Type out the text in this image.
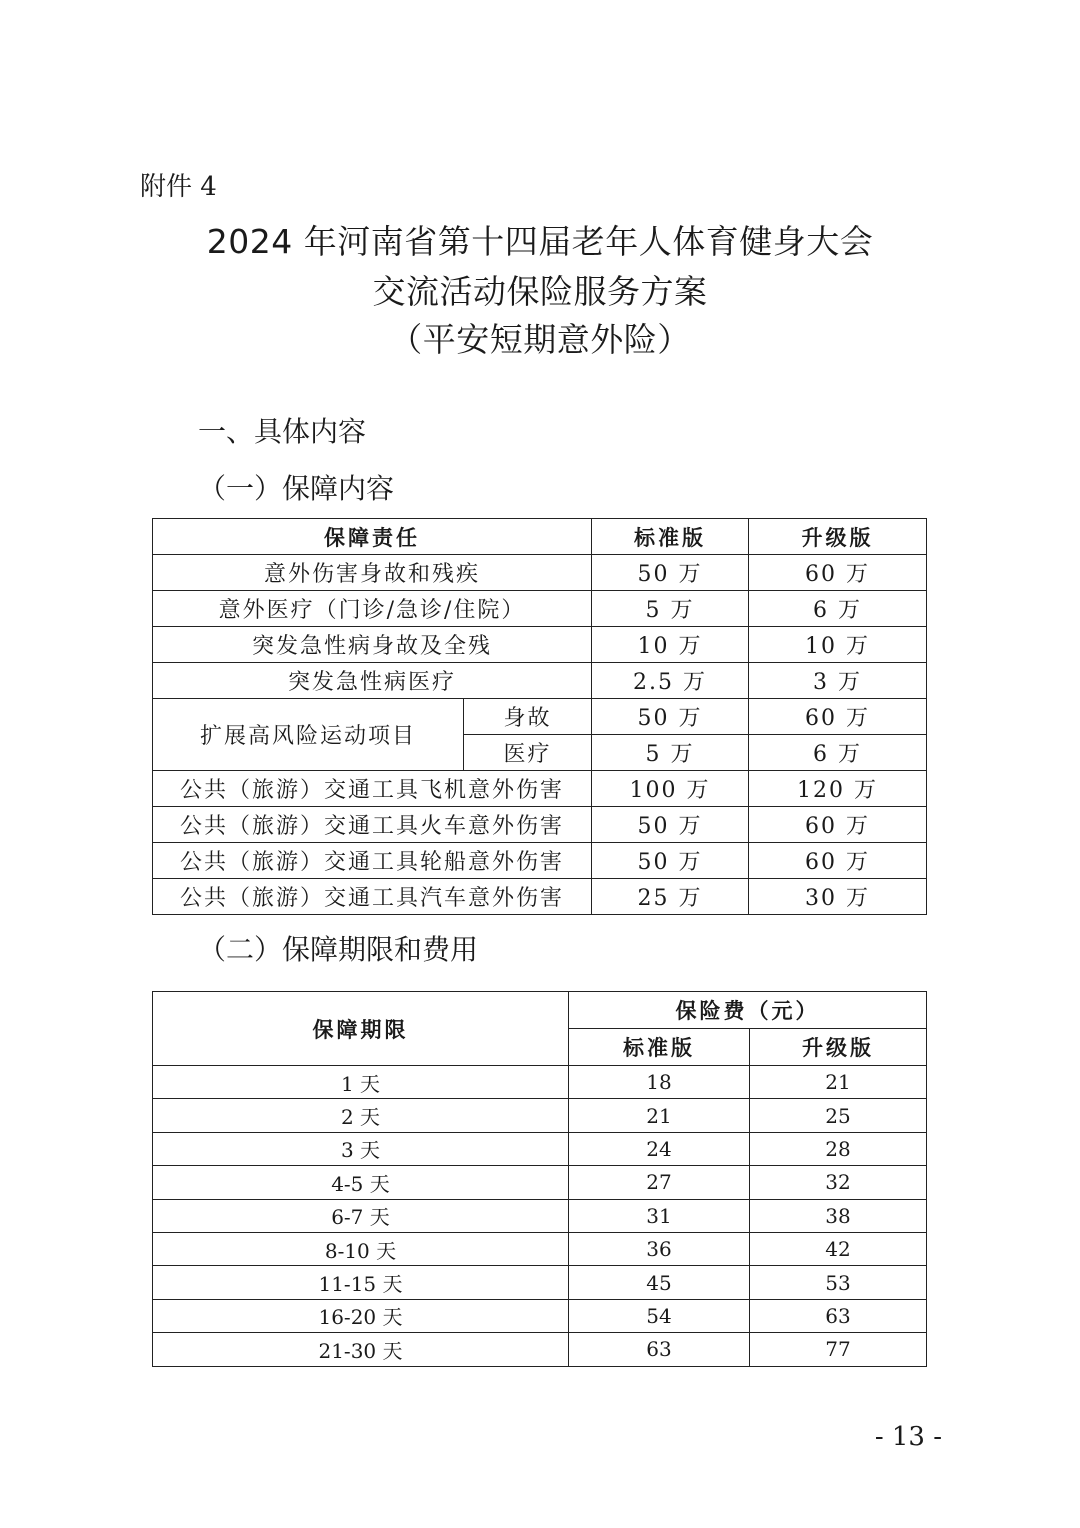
附件 4
2024 年河南省第十四届老年人体育健身大会
交流活动保险服务方案
（平安短期意外险）
一、具体内容
（一）保障内容
保障责任		标准版	升级版
意外伤害身故和残疾		50 万	60 万
意外医疗（门诊/急诊/住院）		5 万	6 万
突发急性病身故及全残		10 万	10 万
突发急性病医疗		2.5 万	3 万
扩展高风险运动项目	身故	50 万	60 万
	医疗	5 万	6 万
公共（旅游）交通工具飞机意外伤害		100 万	120 万
公共（旅游）交通工具火车意外伤害		50 万	60 万
公共（旅游）交通工具轮船意外伤害		50 万	60 万
公共（旅游）交通工具汽车意外伤害		25 万	30 万
（二）保障期限和费用
保障期限	保险费（元）	
	标准版	升级版
1 天	18	21
2 天	21	25
3 天	24	28
4-5 天	27	32
6-7 天	31	38
8-10 天	36	42
11-15 天	45	53
16-20 天	54	63
21-30 天	63	77
- 13 -
